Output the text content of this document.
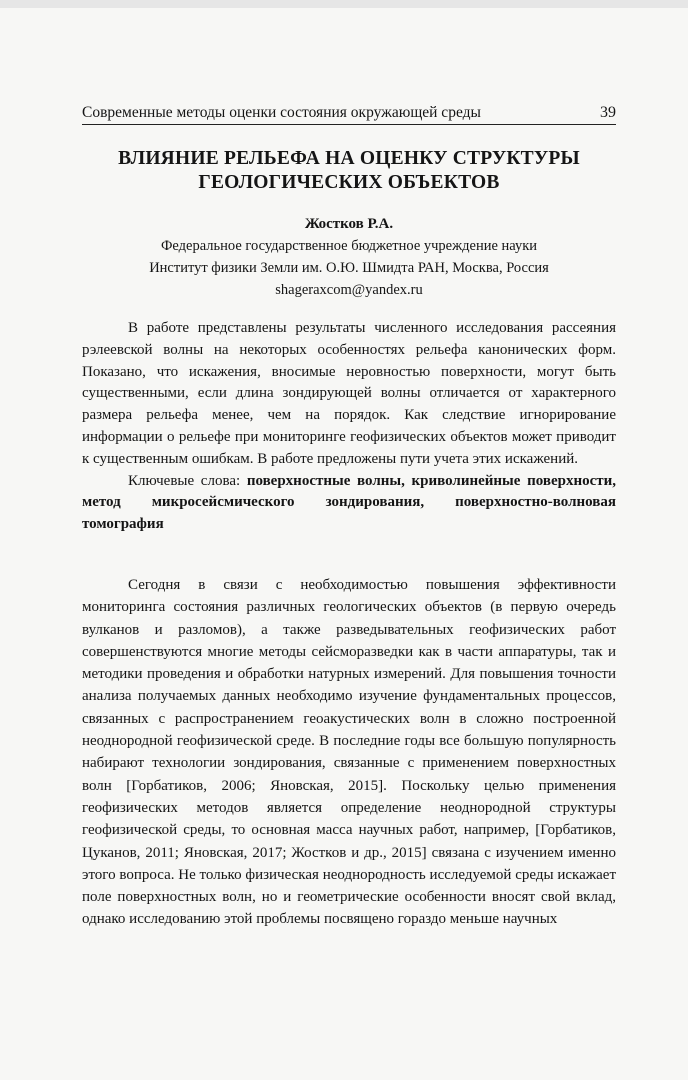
Современные методы оценки состояния окружающей среды	39
ВЛИЯНИЕ РЕЛЬЕФА НА ОЦЕНКУ СТРУКТУРЫ
ГЕОЛОГИЧЕСКИХ ОБЪЕКТОВ
Жостков Р.А.
Федеральное государственное бюджетное учреждение науки
Институт физики Земли им. О.Ю. Шмидта РАН, Москва, Россия
shageraxcom@yandex.ru

В работе представлены результаты численного исследования рассеяния рэлеевской волны на некоторых особенностях рельефа канонических форм. Показано, что искажения, вносимые неровностью поверхности, могут быть существенными, если длина зондирующей волны отличается от характерного размера рельефа менее, чем на порядок. Как следствие игнорирование информации о рельефе при мониторинге геофизических объектов может приводит к существенным ошибкам. В работе предложены пути учета этих искажений.

Ключевые слова: поверхностные волны, криволинейные поверхности, метод микросейсмического зондирования, поверхностно-волновая томография

Сегодня в связи с необходимостью повышения эффективности мониторинга состояния различных геологических объектов (в первую очередь вулканов и разломов), а также разведывательных геофизических работ совершенствуются многие методы сейсморазведки как в части аппаратуры, так и методики проведения и обработки натурных измерений. Для повышения точности анализа получаемых данных необходимо изучение фундаментальных процессов, связанных с распространением геоакустических волн в сложно построенной неоднородной геофизической среде. В последние годы все большую популярность набирают технологии зондирования, связанные с применением поверхностных волн [Горбатиков, 2006; Яновская, 2015]. Поскольку целью применения геофизических методов является определение неоднородной структуры геофизической среды, то основная масса научных работ, например, [Горбатиков, Цуканов, 2011; Яновская, 2017; Жостков и др., 2015] связана с изучением именно этого вопроса. Не только физическая неоднородность исследуемой среды искажает поле поверхностных волн, но и геометрические особенности вносят свой вклад, однако исследованию этой проблемы посвящено гораздо меньше научных
